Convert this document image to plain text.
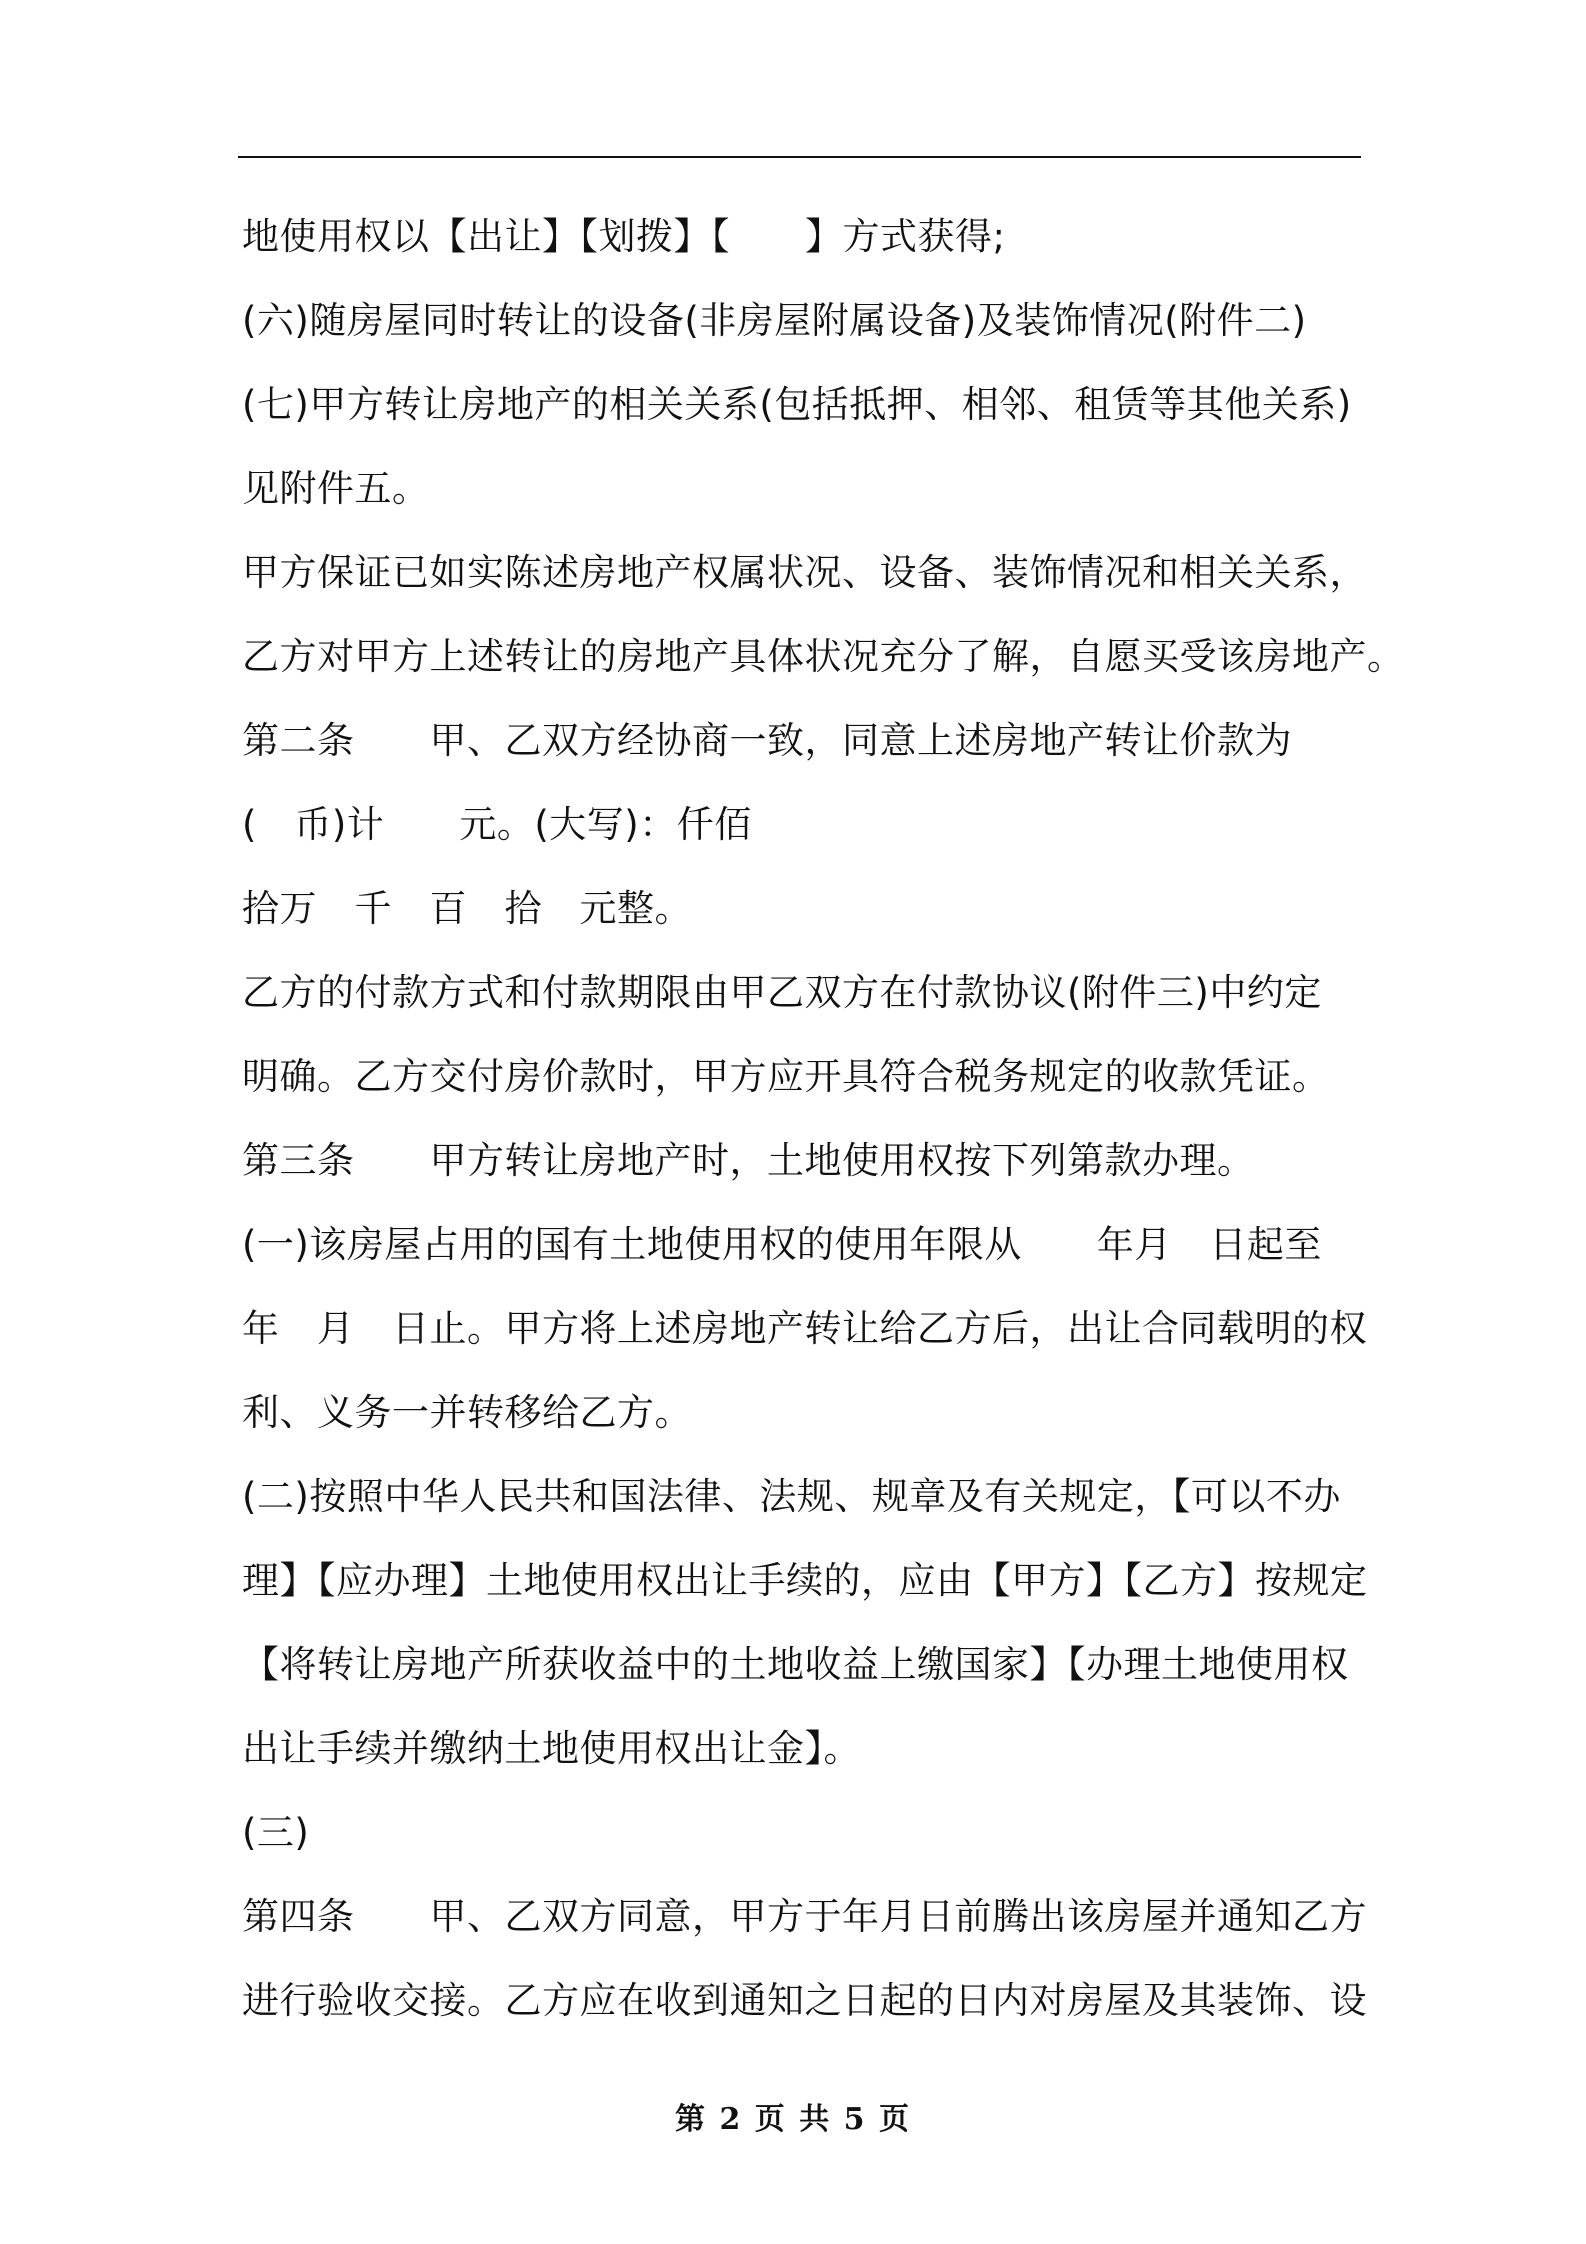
地使用权以【出让】【划拨】【　　】方式获得;
(六)随房屋同时转让的设备(非房屋附属设备)及装饰情况(附件二)
(七)甲方转让房地产的相关关系(包括抵押、相邻、租赁等其他关系)
见附件五。
甲方保证已如实陈述房地产权属状况、设备、装饰情况和相关关系，
乙方对甲方上述转让的房地产具体状况充分了解，自愿买受该房地产。
第二条　　甲、乙双方经协商一致，同意上述房地产转让价款为
(　币)计　　元。(大写)：仟佰
拾万　千　百　拾　元整。
乙方的付款方式和付款期限由甲乙双方在付款协议(附件三)中约定
明确。乙方交付房价款时，甲方应开具符合税务规定的收款凭证。
第三条　　甲方转让房地产时，土地使用权按下列第款办理。
(一)该房屋占用的国有土地使用权的使用年限从　　年月　日起至
年　月　日止。甲方将上述房地产转让给乙方后，出让合同载明的权
利、义务一并转移给乙方。
(二)按照中华人民共和国法律、法规、规章及有关规定，【可以不办
理】【应办理】土地使用权出让手续的，应由【甲方】【乙方】按规定
【将转让房地产所获收益中的土地收益上缴国家】【办理土地使用权
出让手续并缴纳土地使用权出让金】。
(三)
第四条　　甲、乙双方同意，甲方于年月日前腾出该房屋并通知乙方
进行验收交接。乙方应在收到通知之日起的日内对房屋及其装饰、设
第 2 页 共 5 页
